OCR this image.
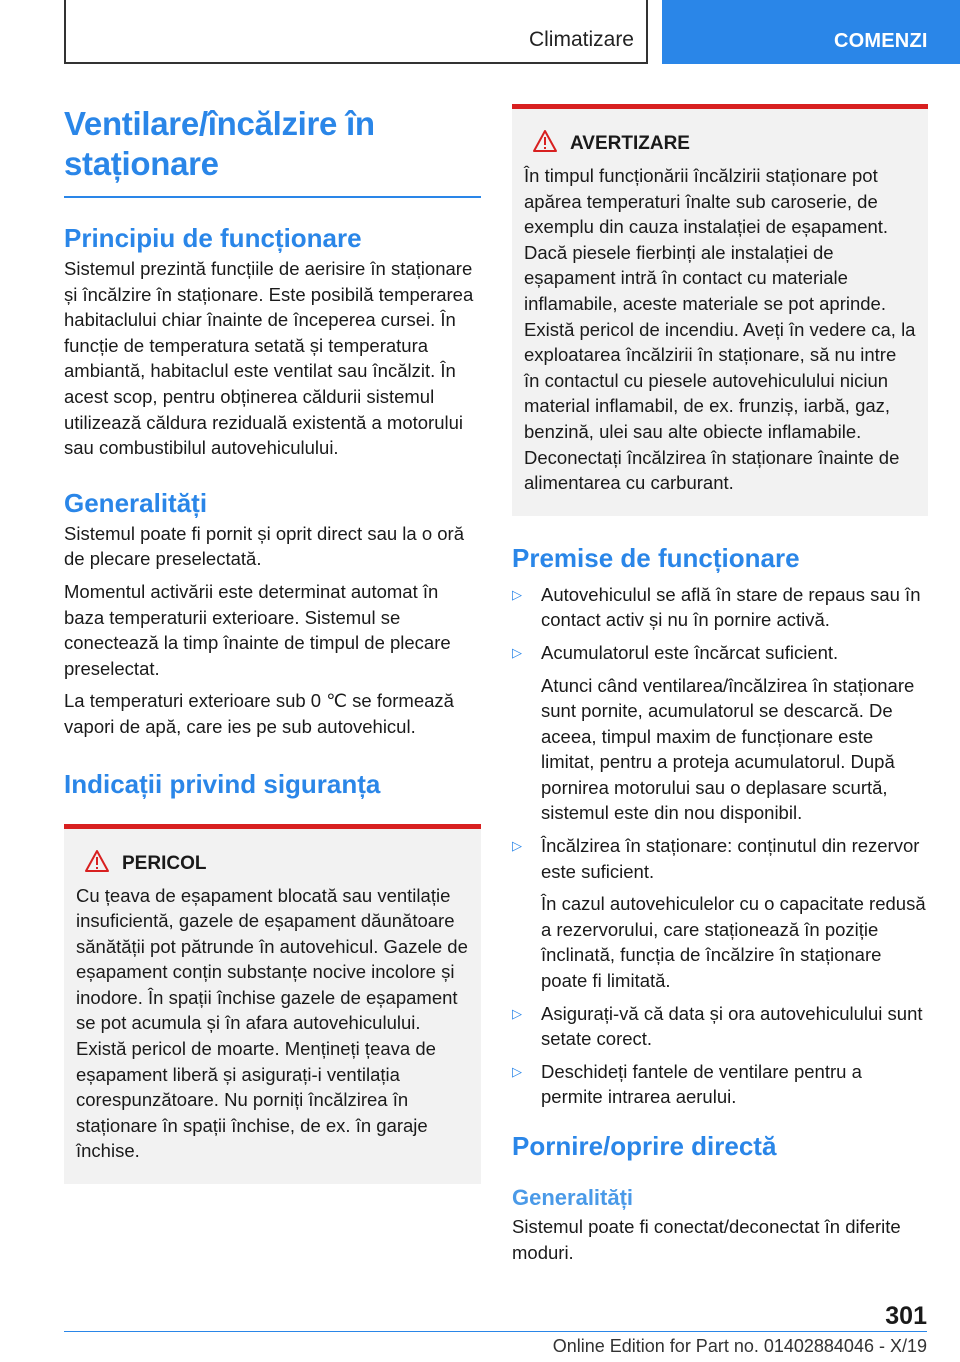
Climatizare	COMENZI
Ventilare/încălzire în staționare
Principiu de funcționare

Sistemul prezintă funcțiile de aerisire în staționare și încălzire în staționare. Este posibilă temperarea habitaclului chiar înainte de începerea cursei. În funcție de temperatura setată și temperatura ambiantă, habitaclul este ventilat sau încălzit. În acest scop, pentru obținerea căldurii sistemul utilizează căldura reziduală existentă a motorului sau combustibilul autovehiculului.

Generalități

Sistemul poate fi pornit și oprit direct sau la o oră de plecare preselectată.

Momentul activării este determinat automat în baza temperaturii exterioare. Sistemul se conectează la timp înainte de timpul de plecare preselectat.

La temperaturi exterioare sub 0 ℃ se formează vapori de apă, care ies pe sub autovehicul.

Indicații privind siguranța
PERICOL

Cu țeava de eșapament blocată sau ventilație insuficientă, gazele de eșapament dăunătoare sănătății pot pătrunde în autovehicul. Gazele de eșapament conțin substanțe nocive incolore și inodore. În spații închise gazele de eșapament se pot acumula și în afara autovehiculului. Există pericol de moarte. Mențineți țeava de eșapament liberă și asigurați-i ventilația corespunzătoare. Nu porniți încălzirea în staționare în spații închise, de ex. în garaje închise.

AVERTIZARE

În timpul funcționării încălzirii staționare pot apărea temperaturi înalte sub caroserie, de exemplu din cauza instalației de eșapament. Dacă piesele fierbinți ale instalației de eșapament intră în contact cu materiale inflamabile, aceste materiale se pot aprinde. Există pericol de incendiu. Aveți în vedere ca, la exploatarea încălzirii în staționare, să nu intre în contactul cu piesele autovehiculului niciun material inflamabil, de ex. frunziș, iarbă, gaz, benzină, ulei sau alte obiecte inflamabile. Deconectați încălzirea în staționare înainte de alimentarea cu carburant.

Premise de funcționare
▷ Autovehiculul se află în stare de repaus sau în contact activ și nu în pornire activă.

▷ Acumulatorul este încărcat suficient.

Atunci când ventilarea/încălzirea în staționare sunt pornite, acumulatorul se descarcă. De aceea, timpul maxim de funcționare este limitat, pentru a proteja acumulatorul. După pornirea motorului sau o deplasare scurtă, sistemul este din nou disponibil.

▷ Încălzirea în staționare: conținutul din rezervor este suficient.

În cazul autovehiculelor cu o capacitate redusă a rezervorului, care staționează în poziție înclinată, funcția de încălzire în staționare poate fi limitată.

▷ Asigurați-vă că data și ora autovehiculului sunt setate corect.

▷ Deschideți fantele de ventilare pentru a permite intrarea aerului.

Pornire/oprire directă
Generalități

Sistemul poate fi conectat/deconectat în diferite moduri.

301
Online Edition for Part no. 01402884046 - X/19
